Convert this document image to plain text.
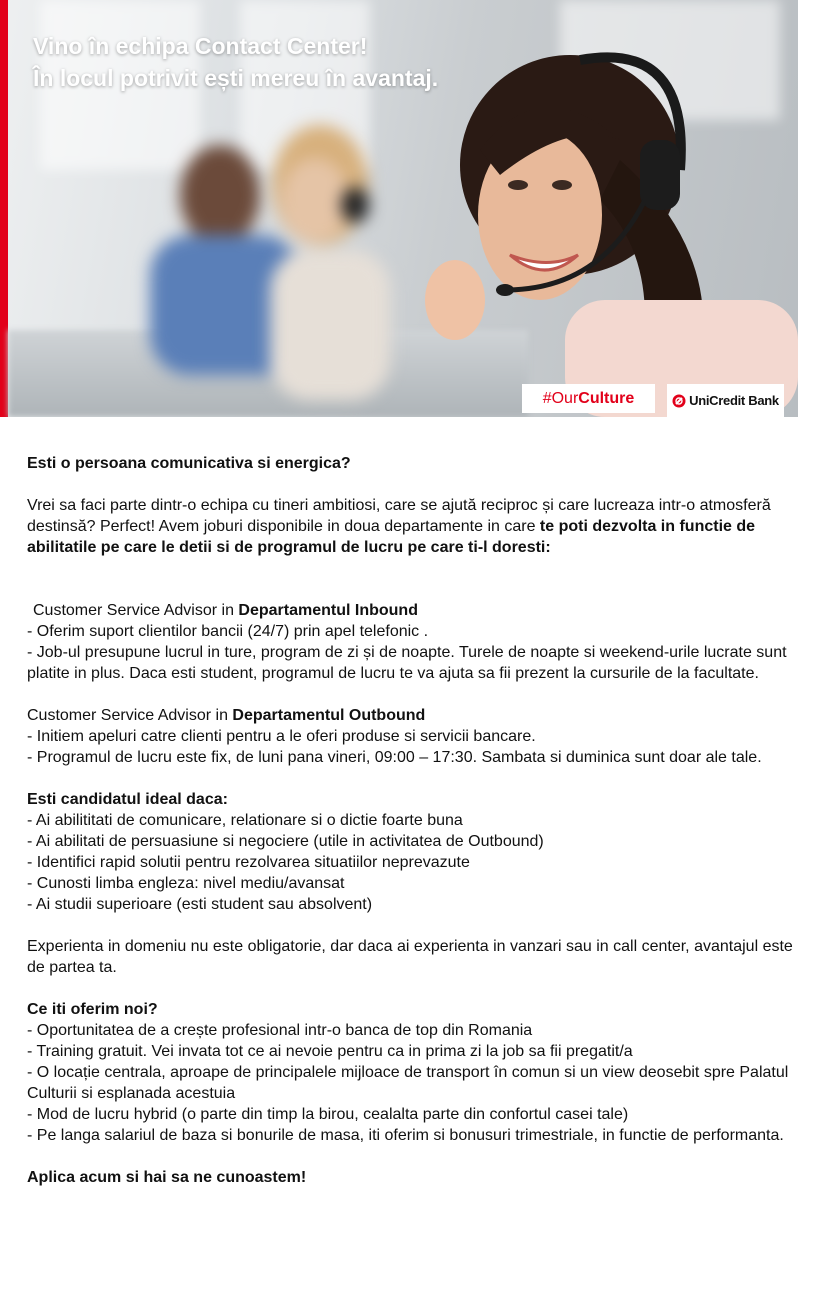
Vino în echipa Contact Center!
În locul potrivit ești mereu în avantaj.
#OurCulture	UniCredit Bank

Esti o persoana comunicativa si energica?

Vrei sa faci parte dintr-o echipa cu tineri ambitiosi, care se ajută reciproc și care lucreaza intr-o atmosferă destinsă? Perfect! Avem joburi disponibile in doua departamente in care te poti dezvolta in functie de abilitatile pe care le detii si de programul de lucru pe care ti-l doresti:

Customer Service Advisor in Departamentul Inbound

- Oferim suport clientilor bancii (24/7) prin apel telefonic .

- Job-ul presupune lucrul in ture, program de zi și de noapte. Turele de noapte si weekend-urile lucrate sunt platite in plus. Daca esti student, programul de lucru te va ajuta sa fii prezent la cursurile de la facultate.

Customer Service Advisor in Departamentul Outbound

- Initiem apeluri catre clienti pentru a le oferi produse si servicii bancare.

- Programul de lucru este fix, de luni pana vineri, 09:00 – 17:30. Sambata si duminica sunt doar ale tale.

Esti candidatul ideal daca:

- Ai abilititati de comunicare, relationare si o dictie foarte buna

- Ai abilitati de persuasiune si negociere (utile in activitatea de Outbound)

- Identifici rapid solutii pentru rezolvarea situatiilor neprevazute

- Cunosti limba engleza: nivel mediu/avansat

- Ai studii superioare (esti student sau absolvent)

Experienta in domeniu nu este obligatorie, dar daca ai experienta in vanzari sau in call center, avantajul este de partea ta.

Ce iti oferim noi?

- Oportunitatea de a crește profesional intr-o banca de top din Romania

- Training gratuit. Vei invata tot ce ai nevoie pentru ca in prima zi la job sa fii pregatit/a

- O locație centrala, aproape de principalele mijloace de transport în comun si un view deosebit spre Palatul Culturii si esplanada acestuia

- Mod de lucru hybrid (o parte din timp la birou, cealalta parte din confortul casei tale)

- Pe langa salariul de baza si bonurile de masa, iti oferim si bonusuri trimestriale, in functie de performanta.

Aplica acum si hai sa ne cunoastem!
